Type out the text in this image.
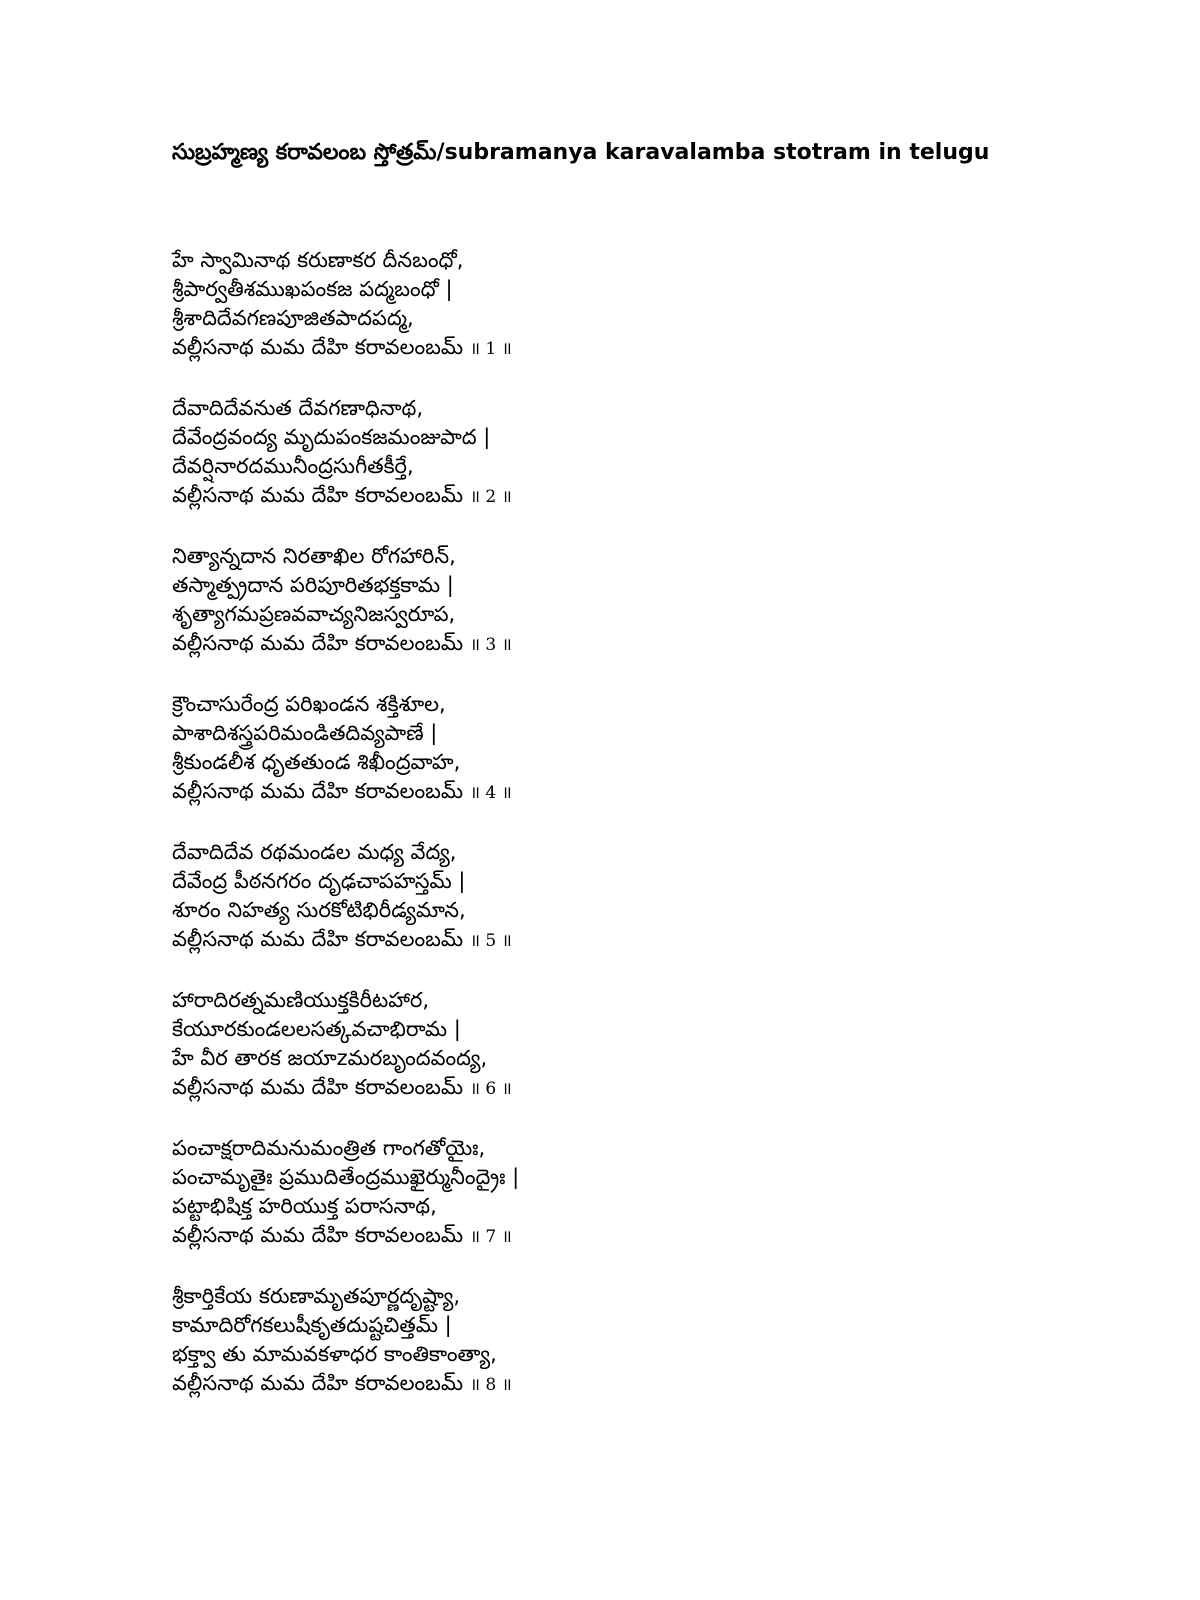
సుబ్రహ్మణ్య కరావలంబ స్తోత్రమ్/subramanya karavalamba stotram in telugu
హే స్వామినాథ కరుణాకర దీనబంధో,
శ్రీపార్వతీశముఖపంకజ పద్మబంధో |
శ్రీశాదిదేవగణపూజితపాదపద్మ,
వల్లీసనాథ మమ దేహి కరావలంబమ్ ॥ 1 ॥
దేవాదిదేవనుత దేవగణాధినాథ,
దేవేంద్రవంద్య మృదుపంకజమంజుపాద |
దేవర్షినారదమునీంద్రసుగీతకీర్తే,
వల్లీసనాథ మమ దేహి కరావలంబమ్ ॥ 2 ॥
నిత్యాన్నదాన నిరతాఖిల రోగహారిన్,
తస్మాత్ప్రదాన పరిపూరితభక్తకామ |
శృత్యాగమప్రణవవాచ్యనిజస్వరూప,
వల్లీసనాథ మమ దేహి కరావలంబమ్ ॥ 3 ॥
క్రౌంచాసురేంద్ర పరిఖండన శక్తిశూల,
పాశాదిశస్త్రపరిమండితదివ్యపాణే |
శ్రీకుండలీశ ధృతతుండ శిఖీంద్రవాహ,
వల్లీసనాథ మమ దేహి కరావలంబమ్ ॥ 4 ॥
దేవాదిదేవ రథమండల మధ్య వేద్య,
దేవేంద్ర పీఠనగరం దృఢచాపహస్తమ్ |
శూరం నిహత్య సురకోటిభిరీడ్యమాన,
వల్లీసనాథ మమ దేహి కరావలంబమ్ ॥ 5 ॥
హారాదిరత్నమణియుక్తకిరీటహార,
కేయూరకుండలలసత్కవచాభిరామ |
హే వీర తారక జయాzమరబృందవంద్య,
వల్లీసనాథ మమ దేహి కరావలంబమ్ ॥ 6 ॥
పంచాక్షరాదిమనుమంత్రిత గాంగతోయైః,
పంచామృతైః ప్రముదితేంద్రముఖైర్మునీంద్రైః |
పట్టాభిషిక్త హరియుక్త పరాసనాథ,
వల్లీసనాథ మమ దేహి కరావలంబమ్ ॥ 7 ॥
శ్రీకార్తికేయ కరుణామృతపూర్ణదృష్ట్యా,
కామాదిరోగకలుషీకృతదుష్టచిత్తమ్ |
భక్త్వా తు మామవకళాధర కాంతికాంత్యా,
వల్లీసనాథ మమ దేహి కరావలంబమ్ ॥ 8 ॥
